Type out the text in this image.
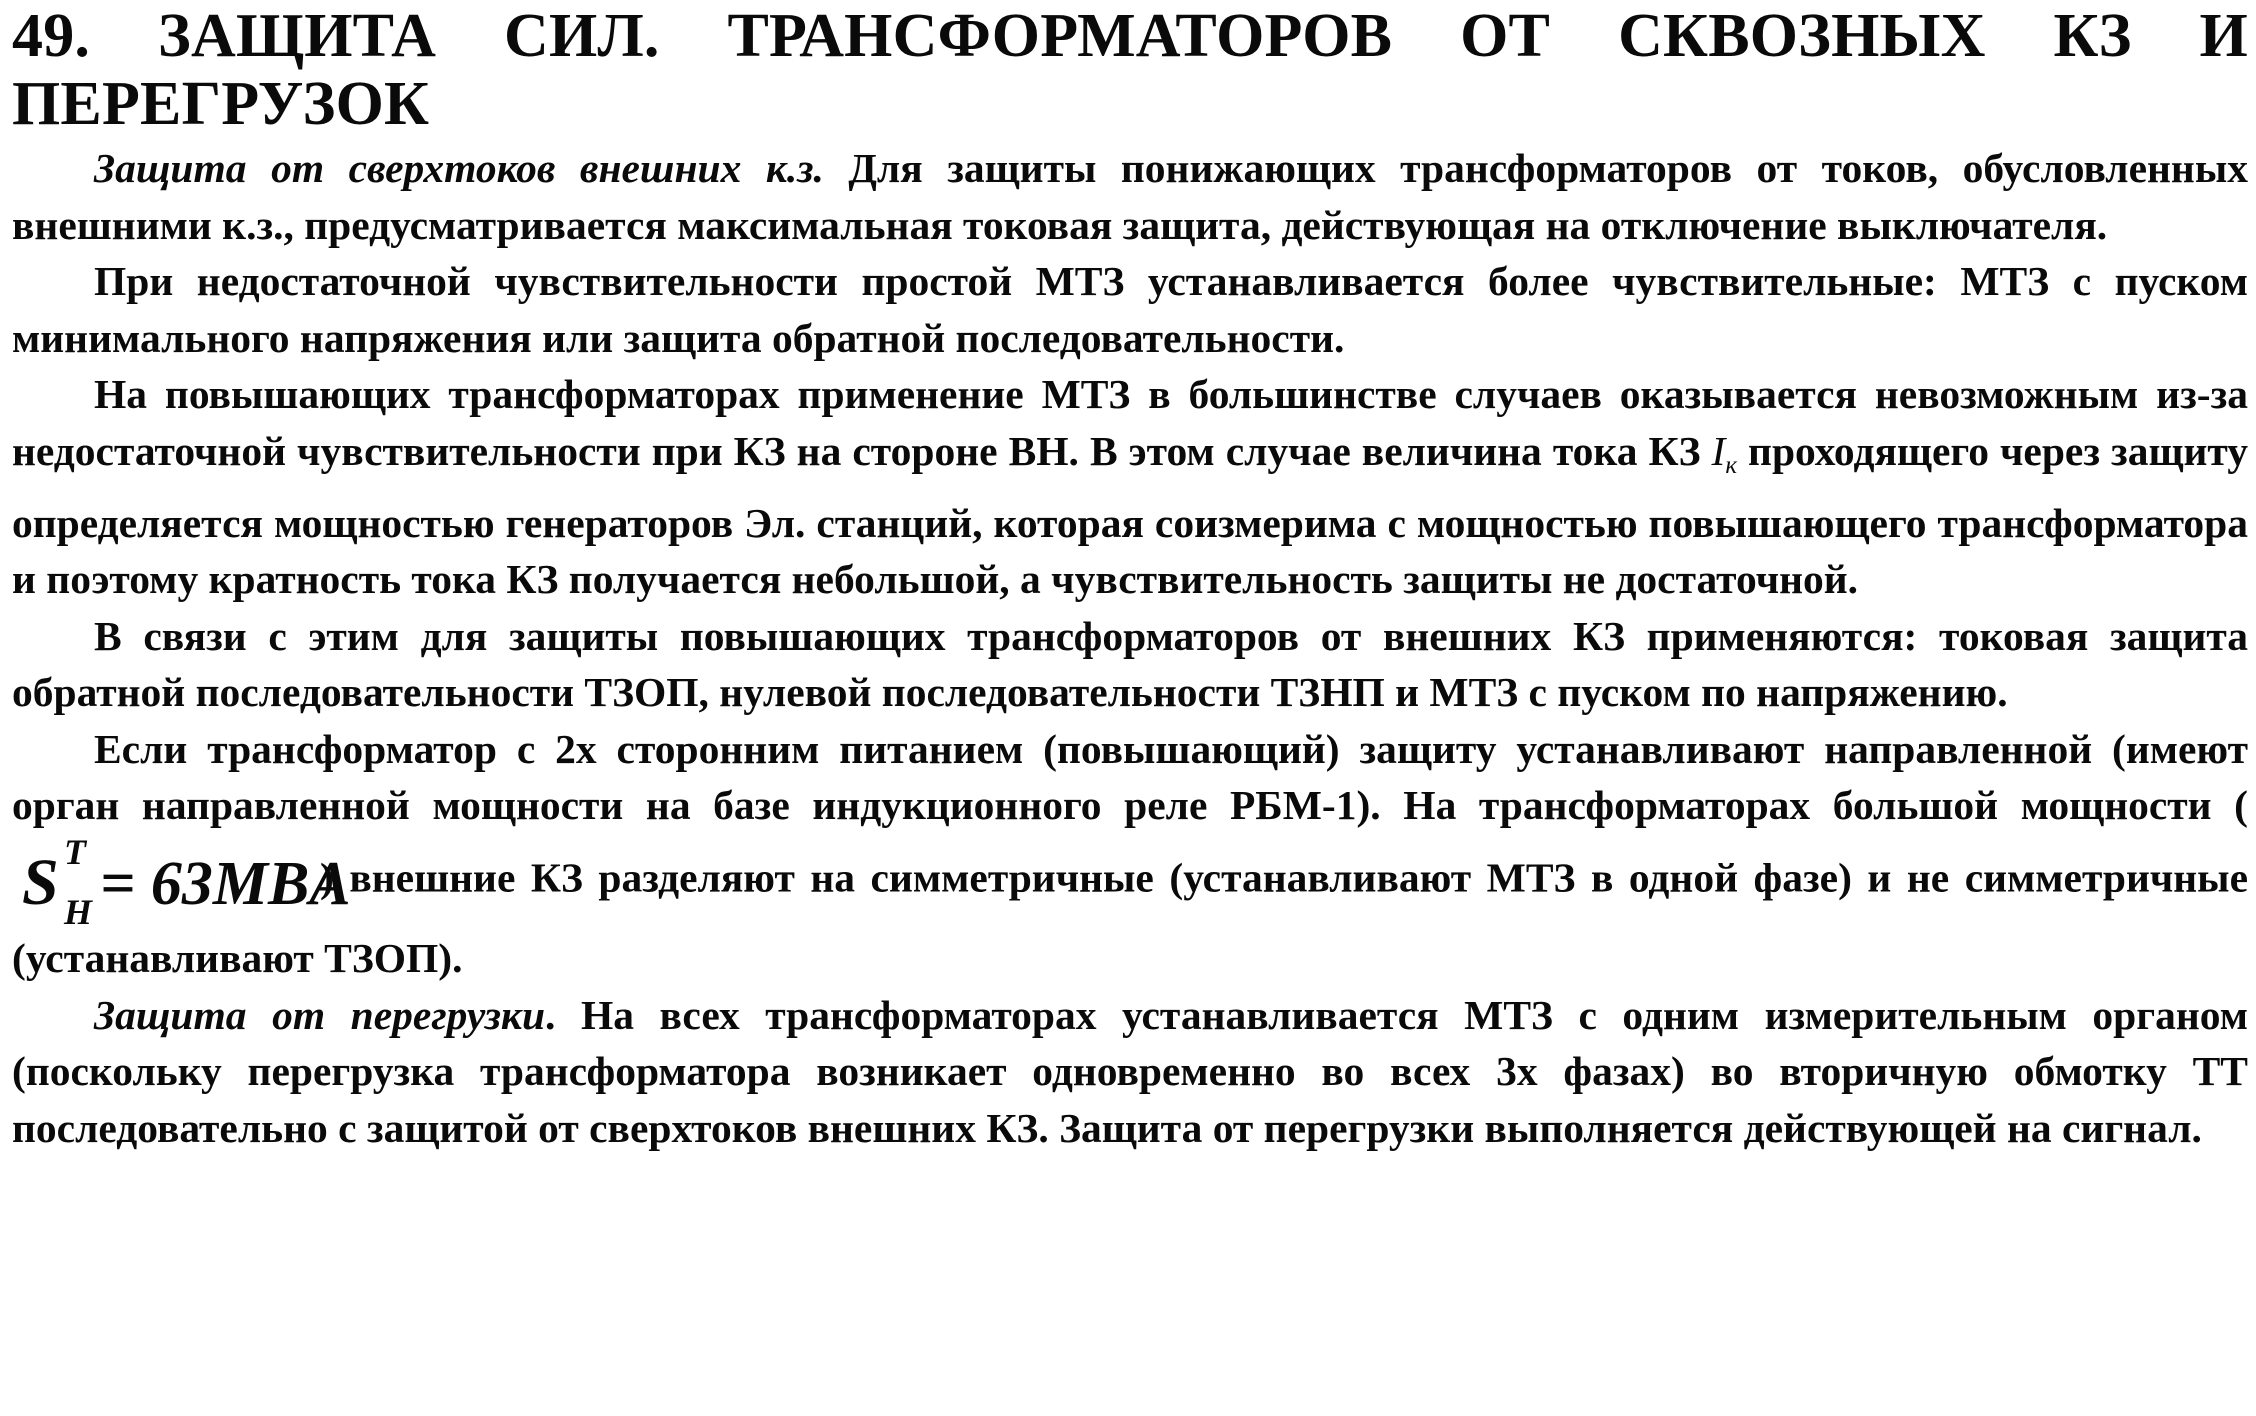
49. ЗАЩИТА СИЛ. ТРАНСФОРМАТОРОВ ОТ СКВОЗНЫХ КЗ И ПЕРЕГРУЗОК

Защита от сверхтоков внешних к.з. Для защиты понижающих трансформаторов от токов, обусловленных внешними к.з., предусматривается максимальная токовая защита, действующая на отключение выключателя.

При недостаточной чувствительности простой МТЗ устанавливается более чувствительные: МТЗ с пуском минимального напряжения или защита обратной последовательности.

На повышающих трансформаторах применение МТЗ в большинстве случаев оказывается невозможным из-за недостаточной чувствительности при КЗ на стороне ВН. В этом случае величина тока КЗ $I_к$ проходящего через защиту определяется мощностью генераторов Эл. станций, которая соизмерима с мощностью повышающего трансформатора и поэтому кратность тока КЗ получается небольшой, а чувствительность защиты не достаточной.

В связи с этим для защиты повышающих трансформаторов от внешних КЗ применяются: токовая защита обратной последовательности ТЗОП, нулевой последовательности ТЗНП и МТЗ с пуском по напряжению.

Если трансформатор с 2х сторонним питанием (повышающий) защиту устанавливают направленной (имеют орган направленной мощности на базе индукционного реле РБМ-1). На трансформаторах большой мощности (
S T
H = 63MBA
) внешние КЗ разделяют на симметричные (устанавливают МТЗ в одной фазе) и не симметричные (устанавливают ТЗОП).

Защита от перегрузки. На всех трансформаторах устанавливается МТЗ с одним измерительным органом (поскольку перегрузка трансформатора возникает одновременно во всех 3х фазах) во вторичную обмотку ТТ последовательно с защитой от сверхтоков внешних КЗ. Защита от перегрузки выполняется действующей на сигнал.
